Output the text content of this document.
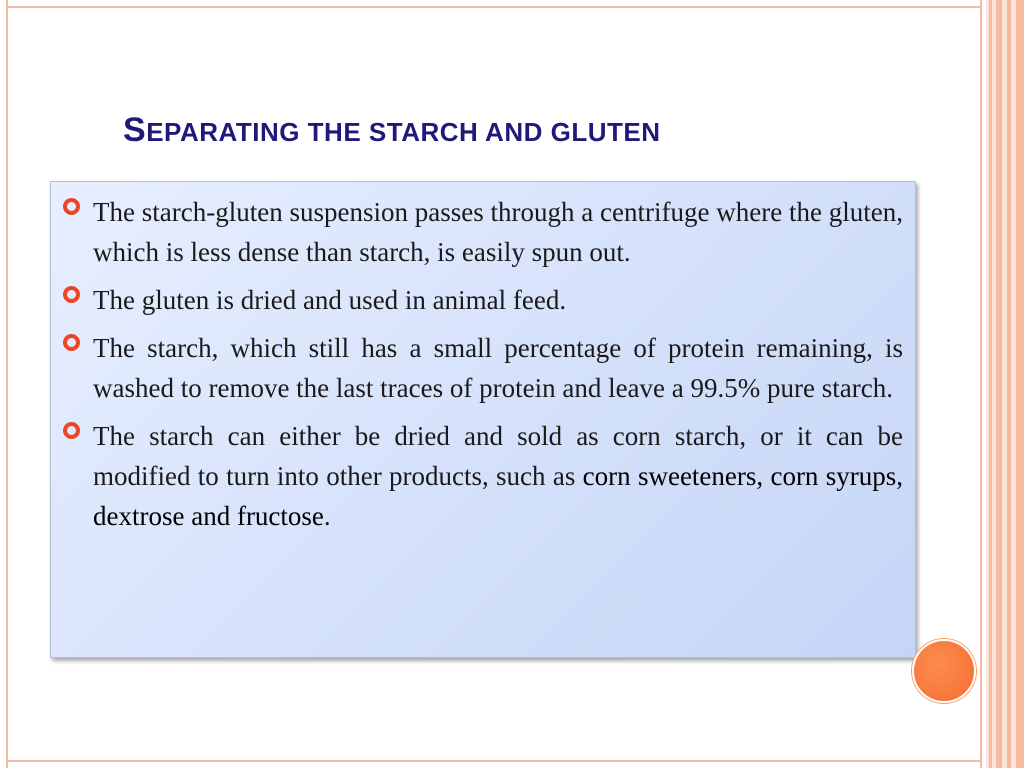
SEPARATING THE STARCH AND GLUTEN
The starch-gluten suspension passes through a centrifuge where the gluten, which is less dense than starch, is easily spun out.
The gluten is dried and used in animal feed.
The starch, which still has a small percentage of protein remaining, is washed to remove the last traces of protein and leave a 99.5% pure starch.
The starch can either be dried and sold as corn starch, or it can be modified to turn into other products, such as corn sweeteners, corn syrups, dextrose and fructose.
